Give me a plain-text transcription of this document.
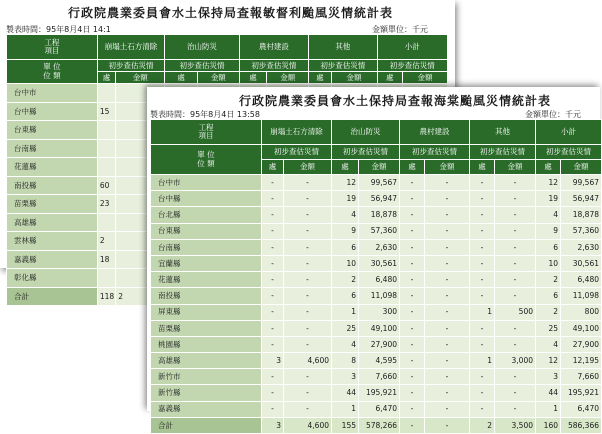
行政院農業委員會水土保持局查報敏督利颱風災情統計表
製表時間：95年8月4日 14:1	金額單位：千元
工程
項目	崩塌土石方清除		治山防災		農村建設		其他		小計	
單 位
位 類	初步查估災情		初步查估災情		初步查估災情		初步查估災情		初步查估災情	
	處	金額	處	金額	處	金額	處	金額	處	金額
台中市										
台中縣	15									
台東縣										
台南縣										
花蓮縣										
南投縣	60									
苗栗縣	23									
高雄縣										
雲林縣	2									
嘉義縣	18									
彰化縣										
合計	118	2								
行政院農業委員會水土保持局查報海棠颱風災情統計表
製表時間：95年8月4日 13:58	金額單位：千元
工程
項目	崩塌土石方清除		治山防災		農村建設		其他		小計	
單 位
位 類	初步查估災情		初步查估災情		初步查估災情		初步查估災情		初步查估災情	
	處	金額	處	金額	處	金額	處	金額	處	金額
台中市	-	-	12	99,567	-	-	-	-	12	99,567
台中縣	-	-	19	56,947	-	-	-	-	19	56,947
台北縣	-	-	4	18,878	-	-	-	-	4	18,878
台東縣	-	-	9	57,360	-	-	-	-	9	57,360
台南縣	-	-	6	2,630	-	-	-	-	6	2,630
宜蘭縣	-	-	10	30,561	-	-	-	-	10	30,561
花蓮縣	-	-	2	6,480	-	-	-	-	2	6,480
南投縣	-	-	6	11,098	-	-	-	-	6	11,098
屏東縣	-	-	1	300	-	-	1	500	2	800
苗栗縣	-	-	25	49,100	-	-	-	-	25	49,100
桃園縣	-	-	4	27,900	-	-	-	-	4	27,900
高雄縣	3	4,600	8	4,595	-	-	1	3,000	12	12,195
新竹市	-	-	3	7,660	-	-	-	-	3	7,660
新竹縣	-	-	44	195,921	-	-	-	-	44	195,921
嘉義縣	-	-	1	6,470	-	-	-	-	1	6,470
合計	3	4,600	155	578,266	-	-	2	3,500	160	586,366
